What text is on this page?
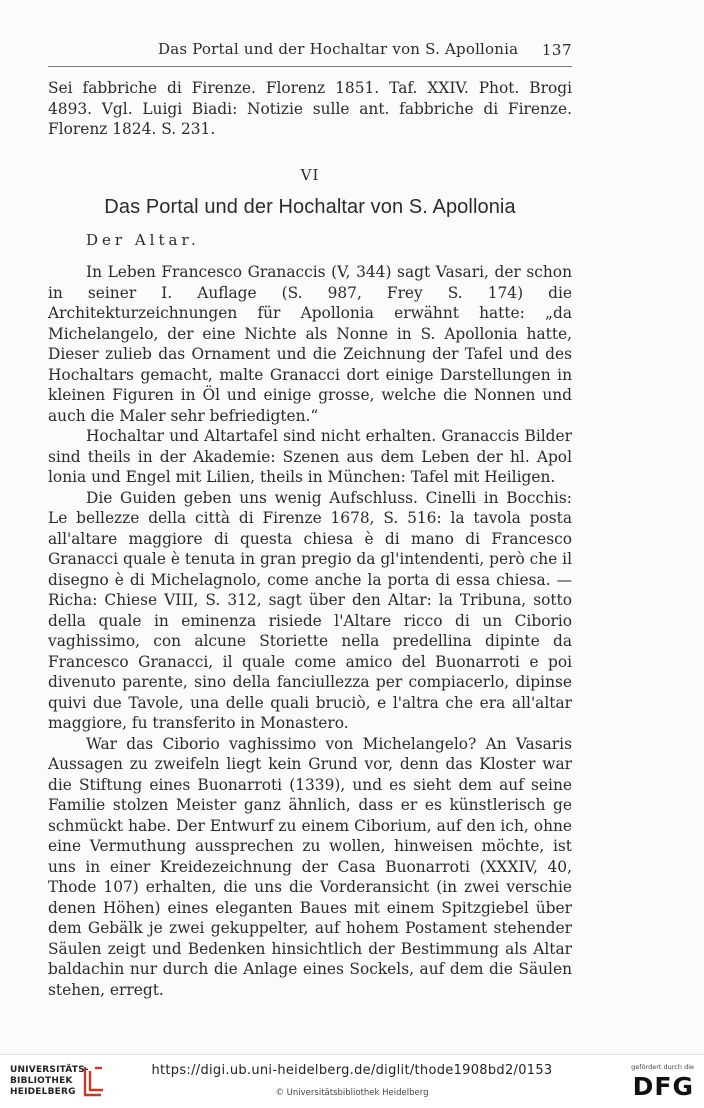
Das Portal und der Hochaltar von S. Apollonia 137

Sei fabbriche di Firenze. Florenz 1851. Taf. XXIV. Phot. Brogi 4893. Vgl. Luigi Biadi: Notizie sulle ant. fabbriche di Firenze. Florenz 1824. S. 231.

VI
Das Portal und der Hochaltar von S. Apollonia
Der Altar.

In Leben Francesco Granaccis (V, 344) sagt Vasari, der schon in seiner I. Auflage (S. 987, Frey S. 174) die Architekturzeichnungen für Apollonia erwähnt hatte: „da Michelangelo, der eine Nichte als Nonne in S. Apollonia hatte, Dieser zulieb das Ornament und die Zeichnung der Tafel und des Hochaltars gemacht, malte Granacci dort einige Darstellungen in kleinen Figuren in Öl und einige grosse, welche die Nonnen und auch die Maler sehr befriedigten.“

Hochaltar und Altartafel sind nicht erhalten. Granaccis Bilder sind theils in der Akademie: Szenen aus dem Leben der hl. Apol lonia und Engel mit Lilien, theils in München: Tafel mit Heiligen.

Die Guiden geben uns wenig Aufschluss. Cinelli in Bocchis: Le bellezze della città di Firenze 1678, S. 516: la tavola posta all'altare maggiore di questa chiesa è di mano di Francesco Granacci quale è tenuta in gran pregio da gl'intendenti, però che il disegno è di Michelagnolo, come anche la porta di essa chiesa. — Richa: Chiese VIII, S. 312, sagt über den Altar: la Tribuna, sotto della quale in eminenza risiede l'Altare ricco di un Ciborio vaghissimo, con alcune Storiette nella predellina dipinte da Francesco Granacci, il quale come amico del Buonarroti e poi divenuto parente, sino della fanciullezza per compiacerlo, dipinse quivi due Tavole, una delle quali bruciò, e l'altra che era all'altar maggiore, fu transferito in Monastero.

War das Ciborio vaghissimo von Michelangelo? An Vasaris Aussagen zu zweifeln liegt kein Grund vor, denn das Kloster war die Stiftung eines Buonarroti (1339), und es sieht dem auf seine Familie stolzen Meister ganz ähnlich, dass er es künstlerisch ge schmückt habe. Der Entwurf zu einem Ciborium, auf den ich, ohne eine Vermuthung aussprechen zu wollen, hinweisen möchte, ist uns in einer Kreidezeichnung der Casa Buonarroti (XXXIV, 40, Thode 107) erhalten, die uns die Vorderansicht (in zwei verschie denen Höhen) eines eleganten Baues mit einem Spitzgiebel über dem Gebälk je zwei gekuppelter, auf hohem Postament stehender Säulen zeigt und Bedenken hinsichtlich der Bestimmung als Altar baldachin nur durch die Anlage eines Sockels, auf dem die Säulen stehen, erregt.

UNIVERSITÄTS-
BIBLIOTHEK
HEIDELBERG
https://digi.ub.uni-heidelberg.de/diglit/thode1908bd2/0153
© Universitätsbibliothek Heidelberg
gefördert durch die
DFG
